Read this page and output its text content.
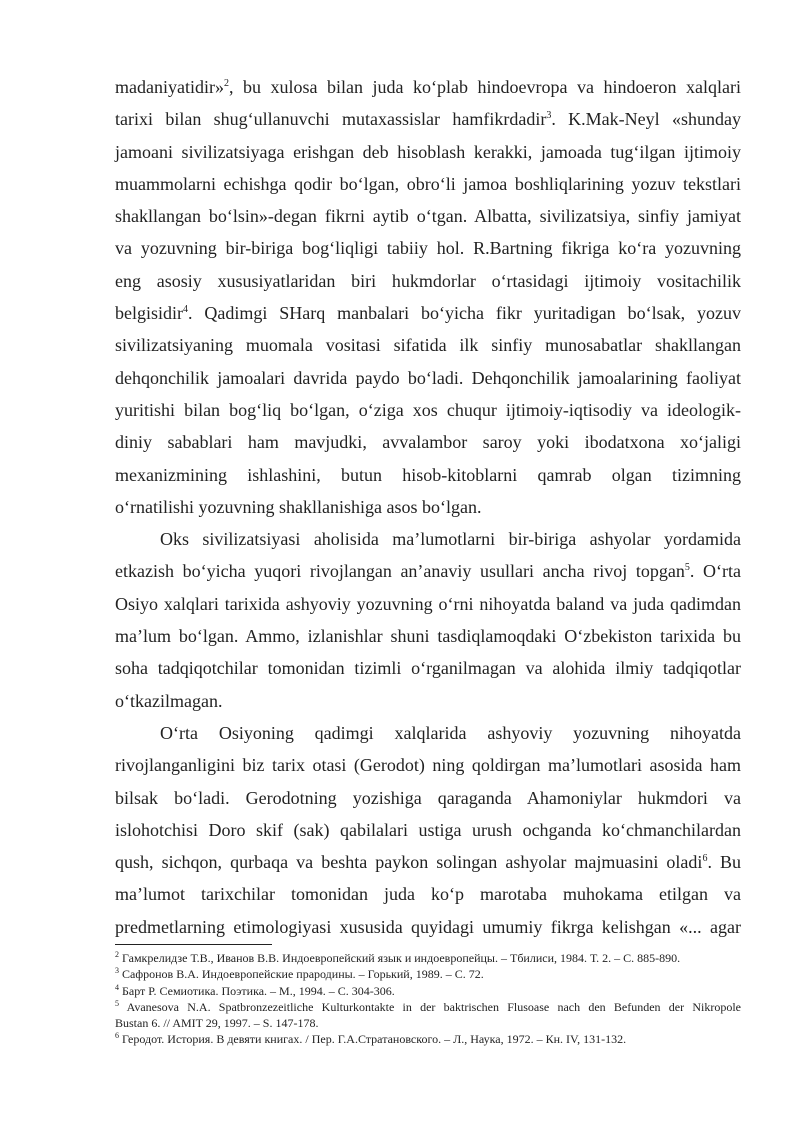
madaniyatidir»$^2$, bu xulosa bilan juda ko‘plab hindoevropa va hindoeron xalqlari
tarixi bilan shug‘ullanuvchi mutaxassislar hamfikrdadir$^3$. K.Mak-Neyl «shunday
jamoani sivilizatsiyaga erishgan deb hisoblash kerakki, jamoada tug‘ilgan ijtimoiy
muammolarni echishga qodir bo‘lgan, obro‘li jamoa boshliqlarining yozuv tekstlari
shakllangan bo‘lsin»-degan fikrni aytib o‘tgan. Albatta, sivilizatsiya, sinfiy jamiyat
va yozuvning bir-biriga bog‘liqligi tabiiy hol. R.Bartning fikriga ko‘ra yozuvning
eng asosiy xususiyatlaridan biri hukmdorlar o‘rtasidagi ijtimoiy vositachilik
belgisidir$^4$. Qadimgi SHarq manbalari bo‘yicha fikr yuritadigan bo‘lsak, yozuv
sivilizatsiyaning muomala vositasi sifatida ilk sinfiy munosabatlar shakllangan
dehqonchilik jamoalari davrida paydo bo‘ladi. Dehqonchilik jamoalarining faoliyat
yuritishi bilan bog‘liq bo‘lgan, o‘ziga xos chuqur ijtimoiy-iqtisodiy va ideologik-
diniy sabablari ham mavjudki, avvalambor saroy yoki ibodatxona xo‘jaligi
mexanizmining ishlashini, butun hisob-kitoblarni qamrab olgan tizimning
o‘rnatilishi yozuvning shakllanishiga asos bo‘lgan.
Oks sivilizatsiyasi aholisida ma’lumotlarni bir-biriga ashyolar yordamida
etkazish bo‘yicha yuqori rivojlangan an’anaviy usullari ancha rivoj topgan$^5$. O‘rta
Osiyo xalqlari tarixida ashyoviy yozuvning o‘rni nihoyatda baland va juda qadimdan
ma’lum bo‘lgan. Ammo, izlanishlar shuni tasdiqlamoqdaki O‘zbekiston tarixida bu
soha tadqiqotchilar tomonidan tizimli o‘rganilmagan va alohida ilmiy tadqiqotlar
o‘tkazilmagan.
O‘rta Osiyoning qadimgi xalqlarida ashyoviy yozuvning nihoyatda
rivojlanganligini biz tarix otasi (Gerodot) ning qoldirgan ma’lumotlari asosida ham
bilsak bo‘ladi. Gerodotning yozishiga qaraganda Ahamoniylar hukmdori va
islohotchisi Doro skif (sak) qabilalari ustiga urush ochganda ko‘chmanchilardan
qush, sichqon, qurbaqa va beshta paykon solingan ashyolar majmuasini oladi$^6$. Bu
ma’lumot tarixchilar tomonidan juda ko‘p marotaba muhokama etilgan va
predmetlarning etimologiyasi xususida quyidagi umumiy fikrga kelishgan «... agar
$^2$ Гамкрелидзе Т.В., Иванов В.В. Индоевропейский язык и индоевропейцы. – Тбилиси, 1984. Т. 2. – С. 885-890.
$^3$ Сафронов В.А. Индоевропейские прародины. – Горький, 1989. – С. 72.
$^4$ Барт Р. Семиотика. Поэтика. – М., 1994. – С. 304-306.
$^5$ Avanesova N.A. Spatbronzezeitliche Kulturkontakte in der baktrischen Flusoase nach den Befunden der Nikropole
Bustan 6. // AMIT 29, 1997. – S. 147-178.
$^6$ Геродот. История. В девяти книгах. / Пер. Г.А.Стратановского. – Л., Наука, 1972. – Кн. IV, 131-132.
